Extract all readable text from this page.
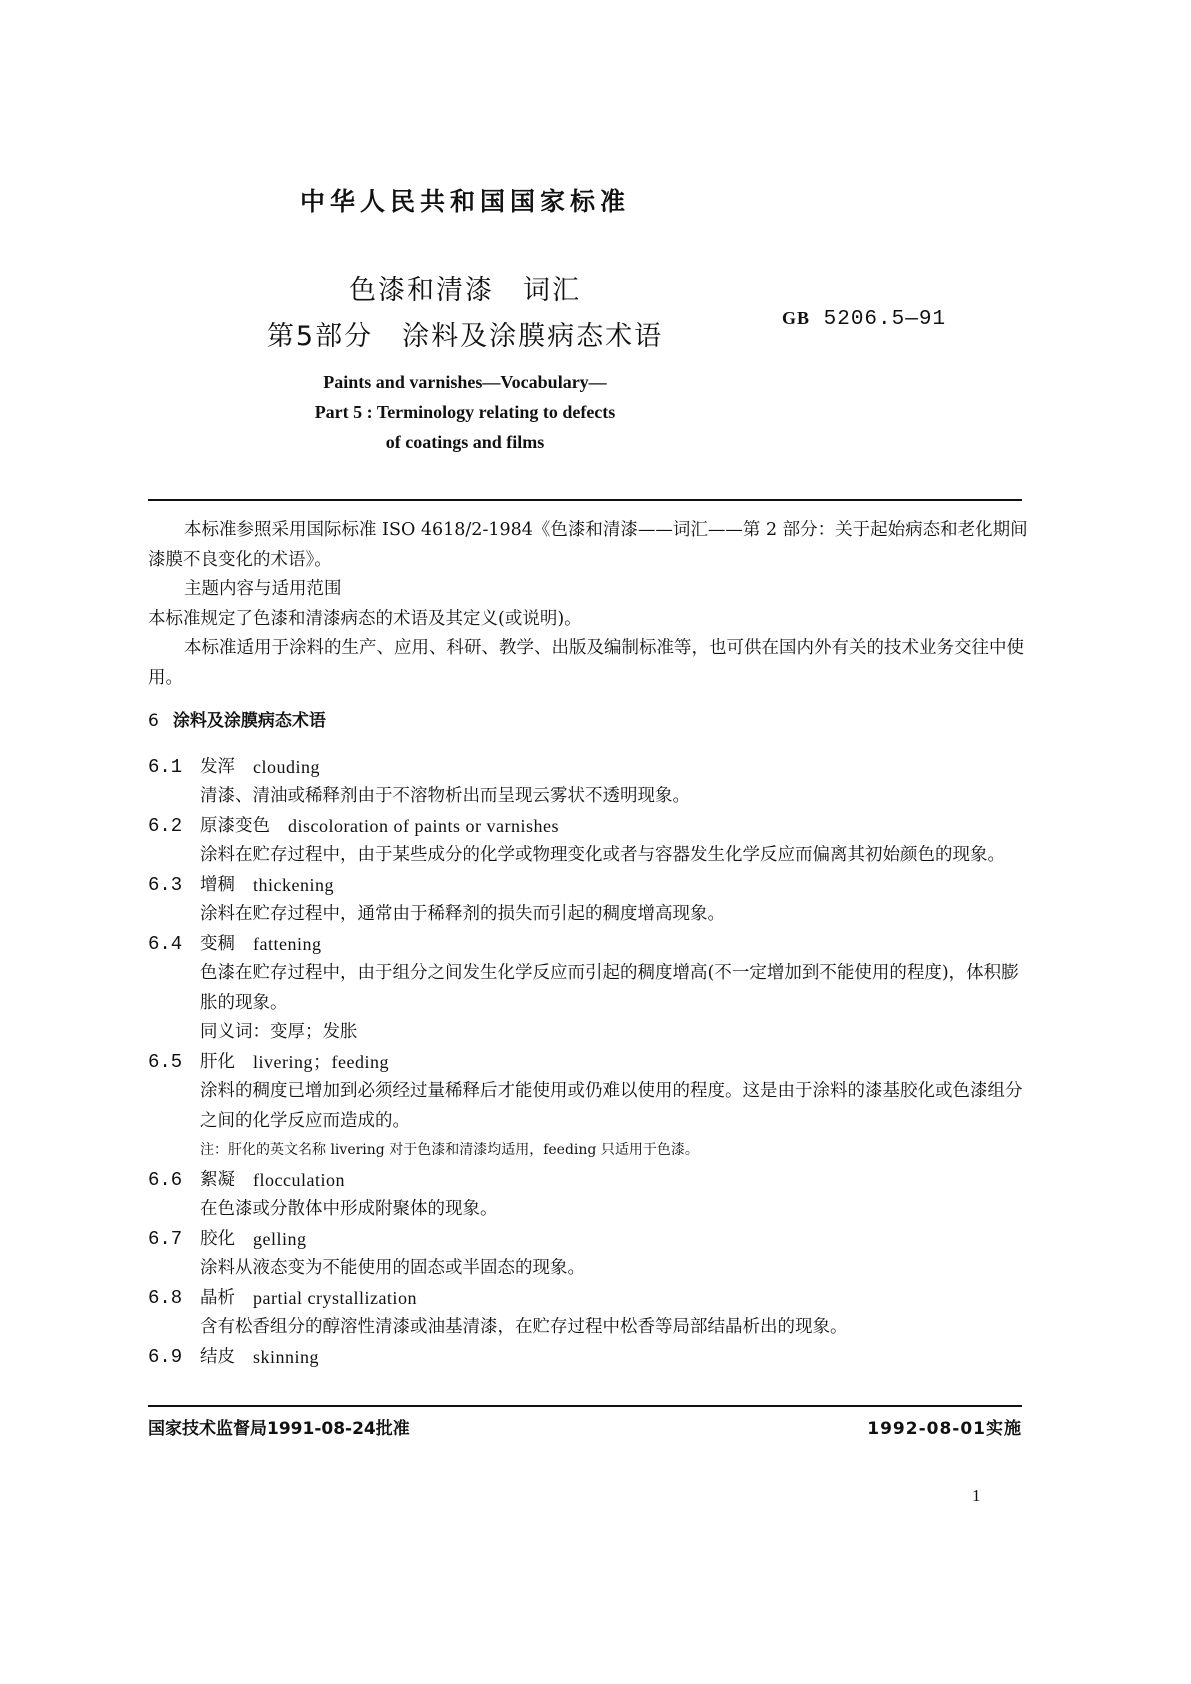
中华人民共和国国家标准
色漆和清漆　词汇
第5部分　涂料及涂膜病态术语
GB 5206.5—91
Paints and varnishes—Vocabulary—
Part 5 : Terminology relating to defects
of coatings and films

本标准参照采用国际标准 ISO 4618/2-1984《色漆和清漆——词汇——第 2 部分：关于起始病态和老化期间漆膜不良变化的术语》。

主题内容与适用范围

本标准规定了色漆和清漆病态的术语及其定义(或说明)。

本标准适用于涂料的生产、应用、科研、教学、出版及编制标准等，也可供在国内外有关的技术业务交往中使用。

6 涂料及涂膜病态术语
6.1	发浑 clouding
清漆、清油或稀释剂由于不溶物析出而呈现云雾状不透明现象。
6.2	原漆变色 discoloration of paints or varnishes
涂料在贮存过程中，由于某些成分的化学或物理变化或者与容器发生化学反应而偏离其初始颜色的现象。
6.3	增稠 thickening
涂料在贮存过程中，通常由于稀释剂的损失而引起的稠度增高现象。
6.4	变稠 fattening
色漆在贮存过程中，由于组分之间发生化学反应而引起的稠度增高(不一定增加到不能使用的程度)，体积膨胀的现象。
同义词：变厚；发胀
6.5	肝化 livering；feeding
涂料的稠度已增加到必须经过量稀释后才能使用或仍难以使用的程度。这是由于涂料的漆基胶化或色漆组分之间的化学反应而造成的。
注：肝化的英文名称 livering 对于色漆和清漆均适用，feeding 只适用于色漆。
6.6	絮凝 flocculation
在色漆或分散体中形成附聚体的现象。
6.7	胶化 gelling
涂料从液态变为不能使用的固态或半固态的现象。
6.8	晶析 partial crystallization
含有松香组分的醇溶性清漆或油基清漆，在贮存过程中松香等局部结晶析出的现象。
6.9	结皮 skinning
国家技术监督局1991-08-24批准	1992-08-01实施
1
